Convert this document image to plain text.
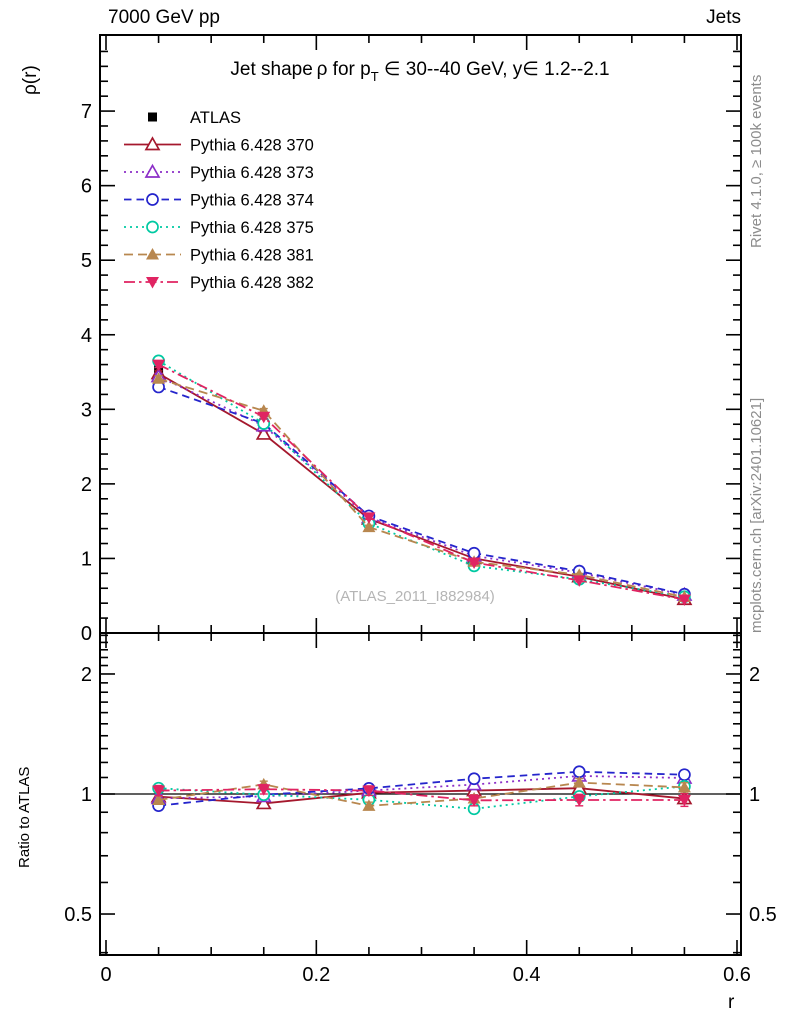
7000 GeV pp	Jets
ρ(r)	Jet shape ρ for $p_T$ ∈ 30--40 GeV, y∈ 1.2--2.1
Rivet 4.1.0, ≥ 100k events
mcplots.cern.ch [arXiv:2401.10621]
(ATLAS_2011_I882984)
Ratio to ATLAS
r
0	0.2	0.4	0.6
0
1
2
3
4
5
6
7
2	2
1	1
0.5	0.5
ATLAS
Pythia 6.428 370
Pythia 6.428 373
Pythia 6.428 374
Pythia 6.428 375
Pythia 6.428 381
Pythia 6.428 382
